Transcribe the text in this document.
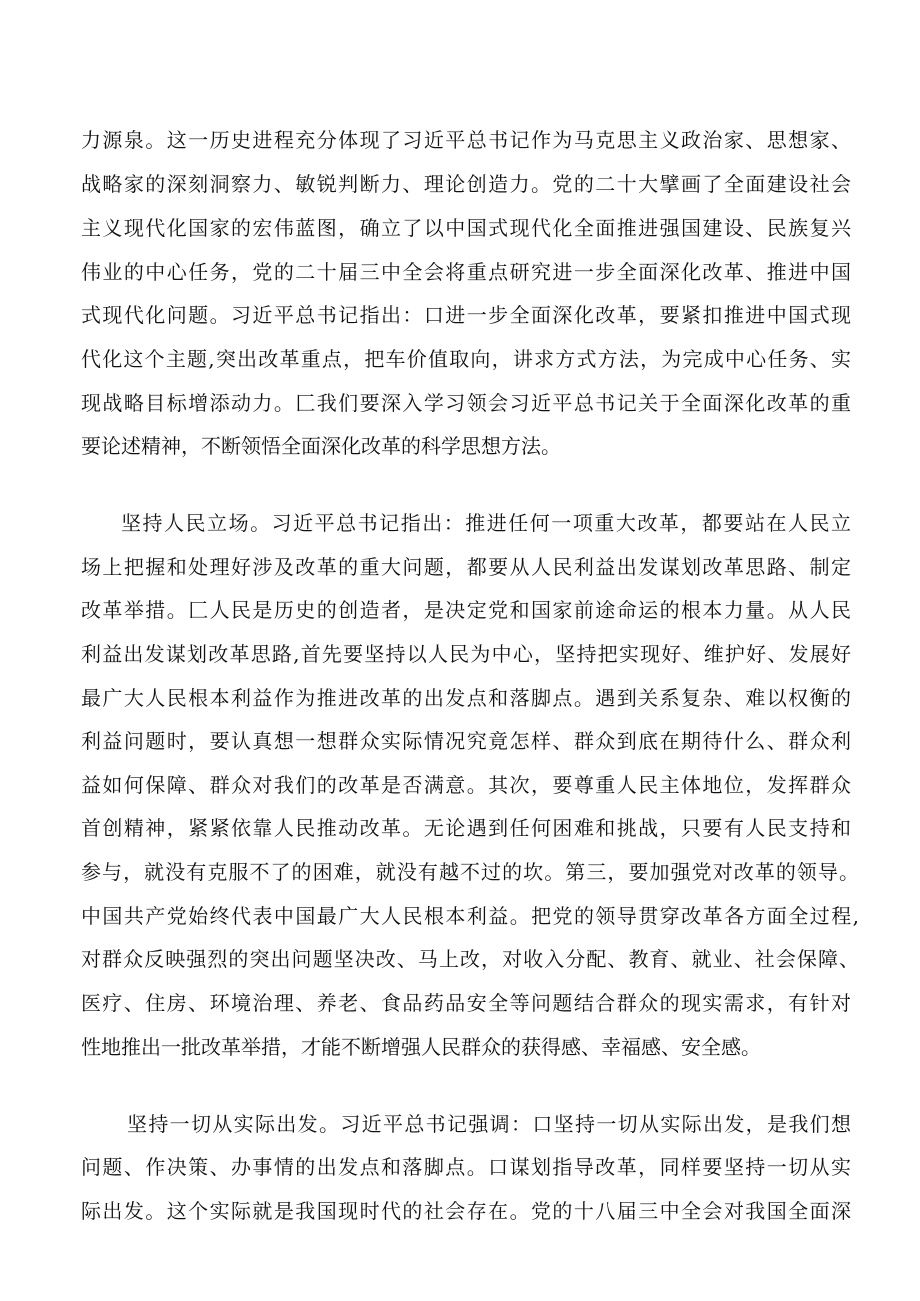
力源泉。这一历史进程充分体现了习近平总书记作为马克思主义政治家、思想家、
战略家的深刻洞察力、敏锐判断力、理论创造力。党的二十大擘画了全面建设社会
主义现代化国家的宏伟蓝图，确立了以中国式现代化全面推进强国建设、民族复兴
伟业的中心任务，党的二十届三中全会将重点研究进一步全面深化改革、推进中国
式现代化问题。习近平总书记指出：口进一步全面深化改革，要紧扣推进中国式现
代化这个主题,突出改革重点，把车价值取向，讲求方式方法，为完成中心任务、实
现战略目标增添动力。匚我们要深入学习领会习近平总书记关于全面深化改革的重
要论述精神，不断领悟全面深化改革的科学思想方法。
坚持人民立场。习近平总书记指出：推进任何一项重大改革，都要站在人民立
场上把握和处理好涉及改革的重大问题，都要从人民利益出发谋划改革思路、制定
改革举措。匚人民是历史的创造者，是决定党和国家前途命运的根本力量。从人民
利益出发谋划改革思路,首先要坚持以人民为中心，坚持把实现好、维护好、发展好
最广大人民根本利益作为推进改革的出发点和落脚点。遇到关系复杂、难以权衡的
利益问题时，要认真想一想群众实际情况究竟怎样、群众到底在期待什么、群众利
益如何保障、群众对我们的改革是否满意。其次，要尊重人民主体地位，发挥群众
首创精神，紧紧依靠人民推动改革。无论遇到任何困难和挑战，只要有人民支持和
参与，就没有克服不了的困难，就没有越不过的坎。第三，要加强党对改革的领导。
中国共产党始终代表中国最广大人民根本利益。把党的领导贯穿改革各方面全过程,
对群众反映强烈的突出问题坚决改、马上改，对收入分配、教育、就业、社会保障、
医疗、住房、环境治理、养老、食品药品安全等问题结合群众的现实需求，有针对
性地推出一批改革举措，才能不断增强人民群众的获得感、幸福感、安全感。
坚持一切从实际出发。习近平总书记强调：口坚持一切从实际出发，是我们想
问题、作决策、办事情的出发点和落脚点。口谋划指导改革，同样要坚持一切从实
际出发。这个实际就是我国现时代的社会存在。党的十八届三中全会对我国全面深
